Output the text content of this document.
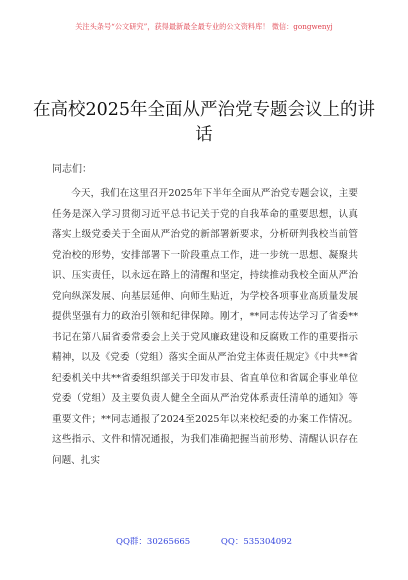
关注头条号“公文研究”，获得最新最全最专业的公文资料库！ 微信：gongwenyj
在高校2025年全面从严治党专题会议上的讲话
同志们：

今天，我们在这里召开2025年下半年全面从严治党专题会议，主要任务是深入学习贯彻习近平总书记关于党的自我革命的重要思想，认真落实上级党委关于全面从严治党的新部署新要求，分析研判我校当前管党治校的形势，安排部署下一阶段重点工作，进一步统一思想、凝聚共识、压实责任，以永远在路上的清醒和坚定，持续推动我校全面从严治党向纵深发展、向基层延伸、向师生贴近，为学校各项事业高质量发展提供坚强有力的政治引领和纪律保障。刚才，**同志传达学习了省委**书记在第八届省委常委会上关于党风廉政建设和反腐败工作的重要指示精神，以及《党委（党组）落实全面从严治党主体责任规定》《中共**省纪委机关中共**省委组织部关于印发市县、省直单位和省属企事业单位党委（党组）及主要负责人健全全面从严治党体系责任清单的通知》等重要文件；**同志通报了2024至2025年以来校纪委的办案工作情况。这些指示、文件和情况通报，为我们准确把握当前形势、清醒认识存在问题、扎实

QQ群：30265665	QQ：535304092
